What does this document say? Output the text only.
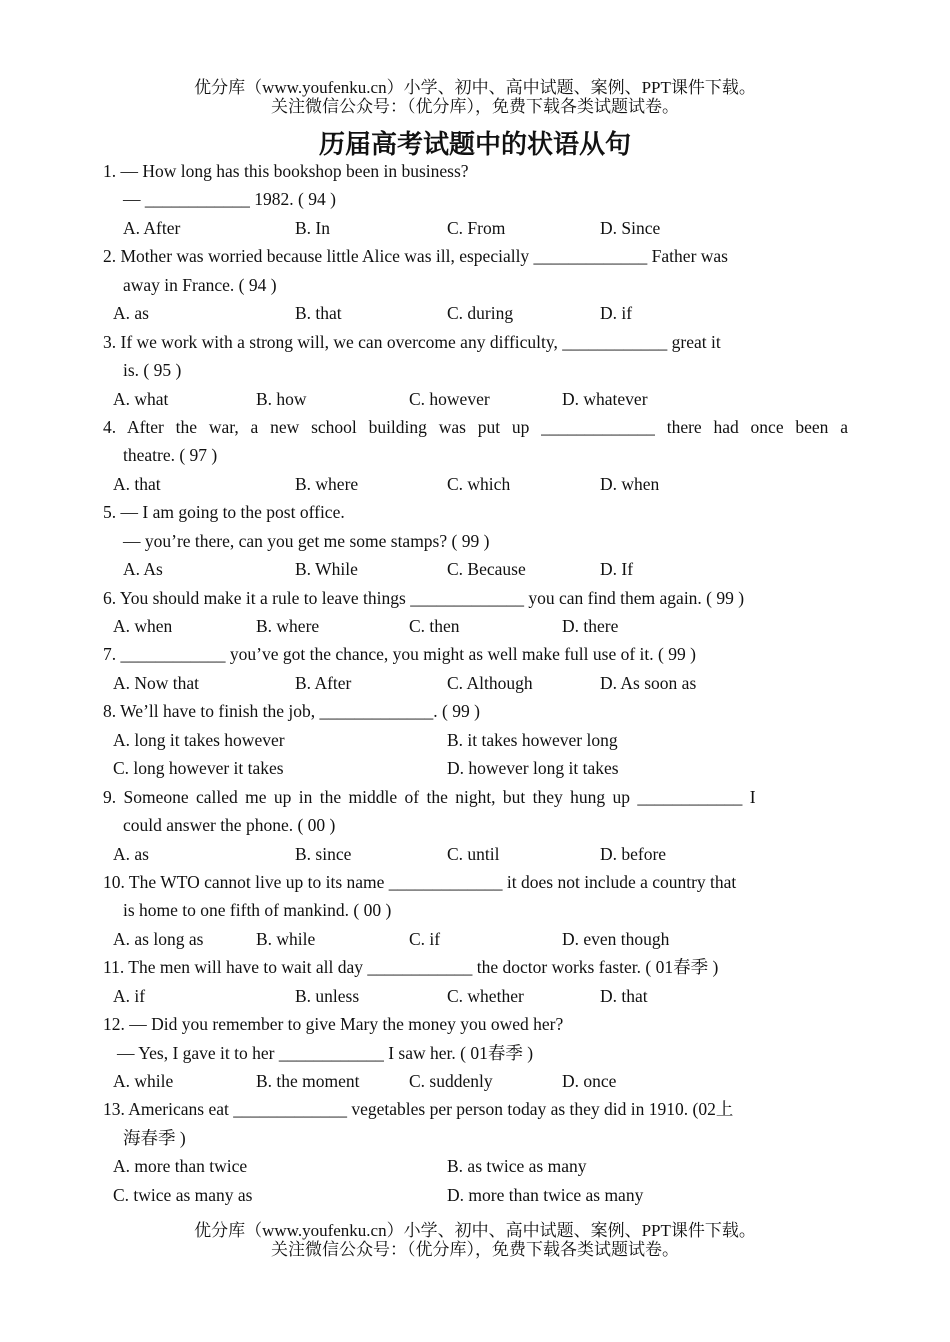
优分库（www.youfenku.cn）小学、初中、高中试题、案例、PPT课件下载。
关注微信公众号：（优分库），免费下载各类试题试卷。
历届高考试题中的状语从句
1. — How long has this bookshop been in business?
— ____________ 1982. ( 94 )
A. After	B. In	C. From	D. Since
2. Mother was worried because little Alice was ill, especially _____________ Father was
away in France. ( 94 )
A. as	B. that	C. during	D. if
3. If we work with a strong will, we can overcome any difficulty, ____________ great it
is. ( 95 )
A. what	B. how	C. however	D. whatever
4. After the war, a new school building was put up _____________ there had once been a
theatre. ( 97 )
A. that	B. where	C. which	D. when
5. — I am going to the post office.
— you’re there, can you get me some stamps? ( 99 )
A. As	B. While	C. Because	D. If
6. You should make it a rule to leave things _____________ you can find them again. ( 99 )
A. when	B. where	C. then	D. there
7. ____________ you’ve got the chance, you might as well make full use of it. ( 99 )
A. Now that	B. After	C. Although	D. As soon as
8. We’ll have to finish the job, _____________. ( 99 )
A. long it takes however	B. it takes however long
C. long however it takes	D. however long it takes
9. Someone called me up in the middle of the night, but they hung up ____________ I
could answer the phone. ( 00 )
A. as	B. since	C. until	D. before
10. The WTO cannot live up to its name _____________ it does not include a country that
is home to one fifth of mankind. ( 00 )
A. as long as	B. while	C. if	D. even though
11. The men will have to wait all day ____________ the doctor works faster. ( 01春季 )
A. if	B. unless	C. whether	D. that
12. — Did you remember to give Mary the money you owed her?
— Yes, I gave it to her ____________ I saw her. ( 01春季 )
A. while	B. the moment	C. suddenly	D. once
13. Americans eat _____________ vegetables per person today as they did in 1910. (02上
海春季 )
A. more than twice	B. as twice as many
C. twice as many as	D. more than twice as many
优分库（www.youfenku.cn）小学、初中、高中试题、案例、PPT课件下载。
关注微信公众号：（优分库），免费下载各类试题试卷。
